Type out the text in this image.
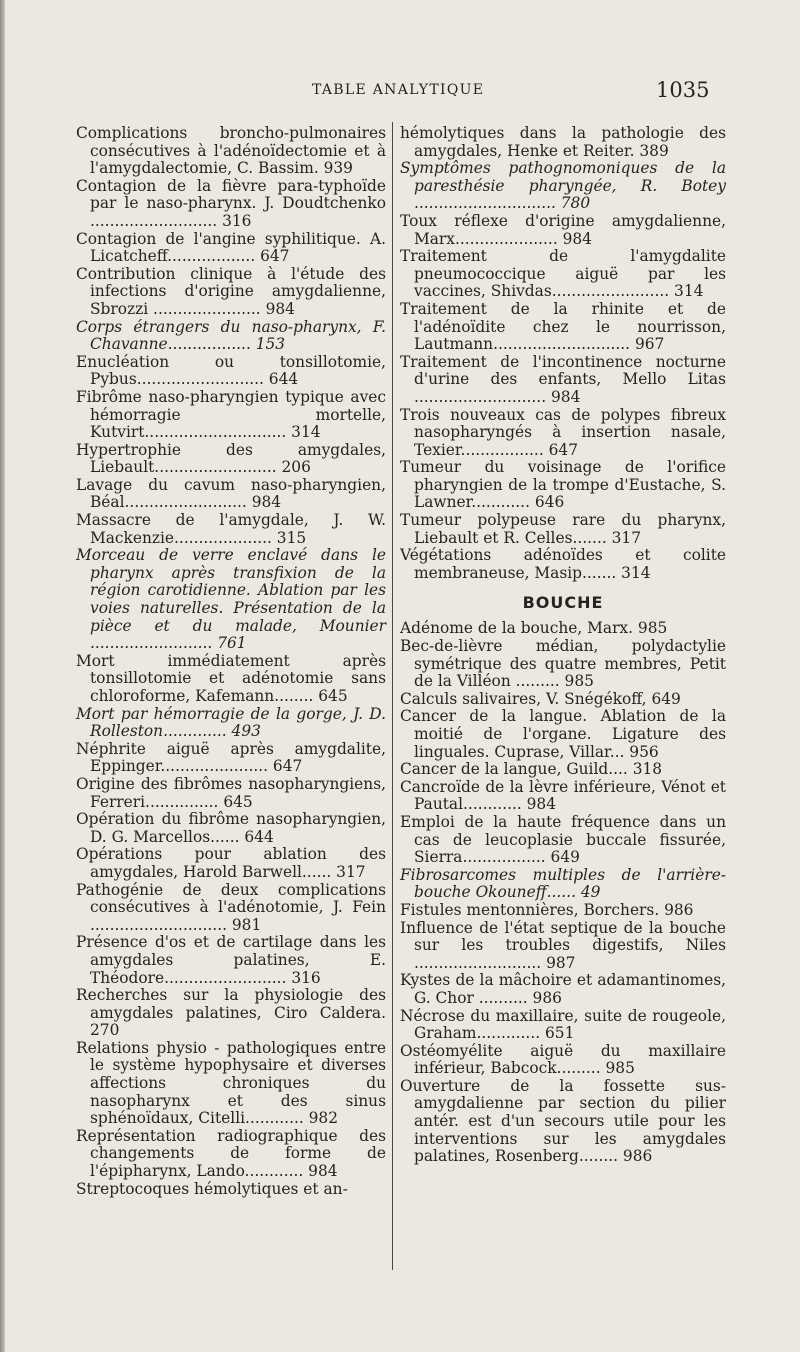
TABLE ANALYTIQUE	1035
Complications broncho-pulmonaires consécutives à l'adénoïdectomie et à l'amygdalectomie, C. Bassim. 939
Contagion de la fièvre para-typhoïde par le naso-pharynx. J. Doudtchenko .......................... 316
Contagion de l'angine syphilitique. A. Licatcheff.................. 647
Contribution clinique à l'étude des infections d'origine amygdalienne, Sbrozzi ...................... 984
Corps étrangers du naso-pharynx, F. Chavanne................. 153
Enucléation ou tonsillotomie, Pybus.......................... 644
Fibrôme naso-pharyngien typique avec hémorragie mortelle, Kutvirt............................. 314
Hypertrophie des amygdales, Liebault......................... 206
Lavage du cavum naso-pharyngien, Béal......................... 984
Massacre de l'amygdale, J. W. Mackenzie.................... 315
Morceau de verre enclavé dans le pharynx après transfixion de la région carotidienne. Ablation par les voies naturelles. Présentation de la pièce et du malade, Mounier ......................... 761
Mort immédiatement après tonsillotomie et adénotomie sans chloroforme, Kafemann........ 645
Mort par hémorragie de la gorge, J. D. Rolleston............. 493
Néphrite aiguë après amygdalite, Eppinger...................... 647
Origine des fibrômes nasopharyngiens, Ferreri............... 645
Opération du fibrôme nasopharyngien, D. G. Marcellos...... 644
Opérations pour ablation des amygdales, Harold Barwell...... 317
Pathogénie de deux complications consécutives à l'adénotomie, J. Fein ............................ 981
Présence d'os et de cartilage dans les amygdales palatines, E. Théodore......................... 316
Recherches sur la physiologie des amygdales palatines, Ciro Caldera. 270
Relations physio - pathologiques entre le système hypophysaire et diverses affections chroniques du nasopharynx et des sinus sphénoïdaux, Citelli............ 982
Représentation radiographique des changements de forme de l'épipharynx, Lando............ 984
Streptocoques hémolytiques et an-
hémolytiques dans la pathologie des amygdales, Henke et Reiter. 389
Symptômes pathognomoniques de la paresthésie pharyngée, R. Botey ............................. 780
Toux réflexe d'origine amygdalienne, Marx..................... 984
Traitement de l'amygdalite pneumococcique aiguë par les vaccines, Shivdas........................ 314
Traitement de la rhinite et de l'adénoïdite chez le nourrisson, Lautmann............................ 967
Traitement de l'incontinence nocturne d'urine des enfants, Mello Litas ........................... 984
Trois nouveaux cas de polypes fibreux nasopharyngés à insertion nasale, Texier................. 647
Tumeur du voisinage de l'orifice pharyngien de la trompe d'Eustache, S. Lawner............ 646
Tumeur polypeuse rare du pharynx, Liebault et R. Celles....... 317
Végétations adénoïdes et colite membraneuse, Masip....... 314
BOUCHE
Adénome de la bouche, Marx. 985
Bec-de-lièvre médian, polydactylie symétrique des quatre membres, Petit de la Villéon ......... 985
Calculs salivaires, V. Snégékoff, 649
Cancer de la langue. Ablation de la moitié de l'organe. Ligature des linguales. Cuprase, Villar... 956
Cancer de la langue, Guild.... 318
Cancroïde de la lèvre inférieure, Vénot et Pautal............ 984
Emploi de la haute fréquence dans un cas de leucoplasie buccale fissurée, Sierra................. 649
Fibrosarcomes multiples de l'arrière-bouche Okouneff...... 49
Fistules mentonnières, Borchers. 986
Influence de l'état septique de la bouche sur les troubles digestifs, Niles .......................... 987
Kystes de la mâchoire et adamantinomes, G. Chor .......... 986
Nécrose du maxillaire, suite de rougeole, Graham............. 651
Ostéomyélite aiguë du maxillaire inférieur, Babcock......... 985
Ouverture de la fossette sus-amygdalienne par section du pilier antér. est d'un secours utile pour les interventions sur les amygdales palatines, Rosenberg........ 986
